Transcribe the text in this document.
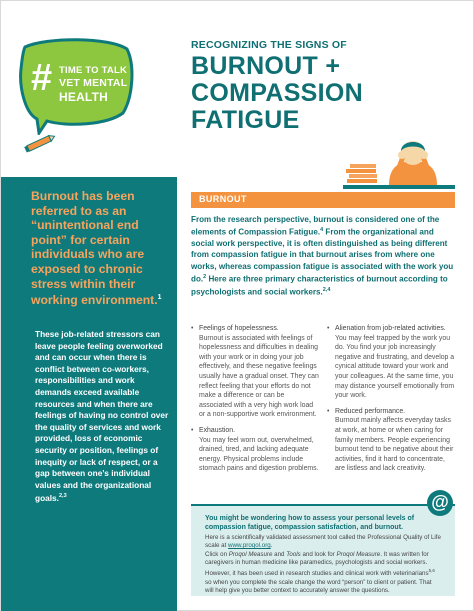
# TIME TO TALK
VET MENTAL
HEALTH

Burnout has been referred to as an “unintentional end point” for certain individuals who are exposed to chronic stress within their working environment.$^1$

These job-related stressors can leave people feeling overworked and can occur when there is conflict between co-workers, responsibilities and work demands exceed available resources and when there are feelings of having no control over the quality of services and work provided, loss of economic security or position, feelings of inequity or lack of respect, or a gap between one’s individual values and the organizational goals.$^{2,3}$

RECOGNIZING THE SIGNS OF
BURNOUT +
COMPASSION
FATIGUE
BURNOUT

From the research perspective, burnout is considered one of the elements of Compassion Fatigue.$^4$ From the organizational and social work perspective, it is often distinguished as being different from compassion fatigue in that burnout arises from where one works, whereas compassion fatigue is associated with the work you do.$^2$ Here are three primary characteristics of burnout according to psychologists and social workers.$^{2,4}$

• Feelings of hopelessness.
Burnout is associated with feelings of hopelessness and difficulties in dealing with your work or in doing your job effectively, and these negative feelings usually have a gradual onset. They can reflect feeling that your efforts do not make a difference or can be associated with a very high work load or a non-supportive work environment.
• Exhaustion.
You may feel worn out, overwhelmed, drained, tired, and lacking adequate energy. Physical problems include stomach pains and digestion problems.
• Alienation from job-related activities.
You may feel trapped by the work you do. You find your job increasingly negative and frustrating, and develop a cynical attitude toward your work and your colleagues. At the same time, you may distance yourself emotionally from your work.
• Reduced performance.
Burnout mainly affects everyday tasks at work, at home or when caring for family members. People experiencing burnout tend to be negative about their activities, find it hard to concentrate, are listless and lack creativity.

You might be wondering how to assess your personal levels of compassion fatigue, compassion satisfaction, and burnout.

Here is a scientifically validated assessment tool called the Professional Quality of Life scale at www.proqol.org.
Click on Proqol Measure and Tools and look for Proqol Measure. It was written for caregivers in human medicine like paramedics, psychologists and social workers. However, it has been used in research studies and clinical work with veterinarians$^{5,6}$ so when you complete the scale change the word “person” to client or patient. That will help give you better context to accurately answer the questions.

@
